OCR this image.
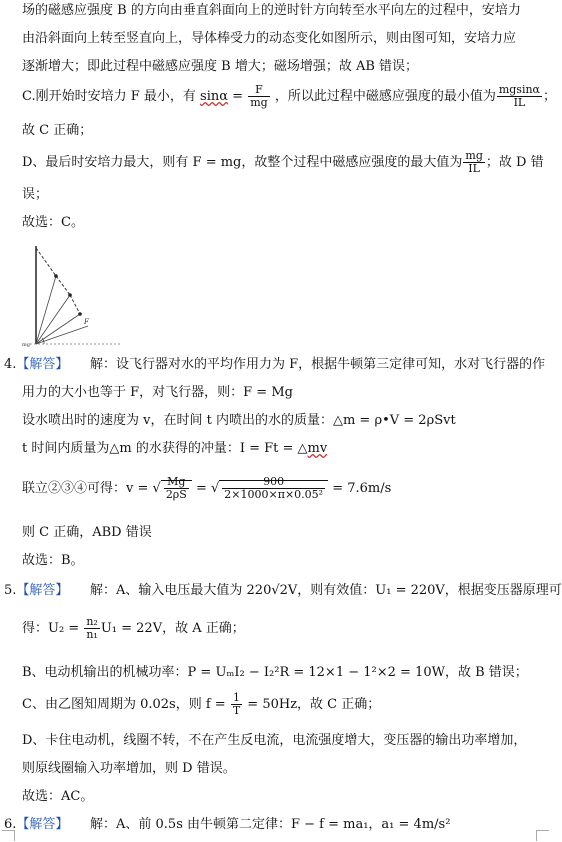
场的磁感应强度 B 的方向由垂直斜面向上的逆时针方向转至水平向左的过程中，安培力
由沿斜面向上转至竖直向上，导体棒受力的动态变化如图所示，则由图可知，安培力应
逐渐增大；即此过程中磁感应强度 B 增大；磁场增强；故 AB 错误；
C.刚开始时安培力 F 最小，有 $\sin\alpha = \frac{F}{mg}$ ，所以此过程中磁感应强度的最小值为 $\frac{mgsin\alpha}{IL}$ ；
故 C 正确；
D、最后时安培力最大，则有 F = mg，故整个过程中磁感应强度的最大值为 $\frac{mg}{IL}$ ；故 D 错
误；
故选：C。
F
mg
4.【解答】 解：设飞行器对水的平均作用力为 F，根据牛顿第三定律可知，水对飞行器的作
用力的大小也等于 F，对飞行器，则：F = Mg
设水喷出时的速度为 v，在时间 t 内喷出的水的质量：△m = ρ•V = 2ρSvt
t 时间内质量为△m 的水获得的冲量：I = Ft = △mv
联立②③④可得：v = √ $\frac{Mg}{2\rho S}$ = √ $\frac{900}{\text{2×1000×π×0.05²}} = 7.6m/s$
则 C 正确，ABD 错误
故选：B。
5.【解答】 解：A、输入电压最大值为 220√2V，则有效值：U₁ = 220V，根据变压器原理可
得：$U_2 = \frac{\text{n₂}}{\text{n₁}} U_1 = 22V$，故 A 正确；
B、电动机输出的机械功率：P = UₘI₂ − I₂²R = 12×1 − 1²×2 = 10W，故 B 错误；
C、由乙图知周期为 0.02s，则 $f = \frac{1}{T} = 50Hz$，故 C 正确；
D、卡住电动机，线圈不转，不在产生反电流，电流强度增大，变压器的输出功率增加，
则原线圈输入功率增加，则 D 错误。
故选：AC。
6.【解答】 解：A、前 0.5s 由牛顿第二定律：F − f = ma₁，a₁ = 4m/s²
